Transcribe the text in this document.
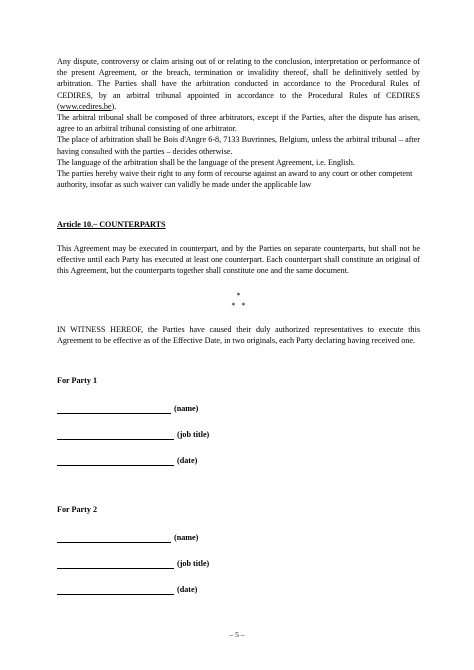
Any dispute, controversy or claim arising out of or relating to the conclusion, interpretation or performance of the present Agreement, or the breach, termination or invalidity thereof, shall be definitively settled by arbitration. The Parties shall have the arbitration conducted in accordance to the Procedural Rules of CEDIRES, by an arbitral tribunal appointed in accordance to the Procedural Rules of CEDIRES (www.cedires.be).

The arbitral tribunal shall be composed of three arbitrators, except if the Parties, after the dispute has arisen, agree to an arbitral tribunal consisting of one arbitrator.

The place of arbitration shall be Bois d'Angre 6-8, 7133 Buvrinnes, Belgium, unless the arbitral tribunal – after having consulted with the parties – decides otherwise.

The language of the arbitration shall be the language of the present Agreement, i.e. English.

The parties hereby waive their right to any form of recourse against an award to any court or other competent authority, insofar as such waiver can validly be made under the applicable law

Article 10.– COUNTERPARTS

This Agreement may be executed in counterpart, and by the Parties on separate counterparts, but shall not be effective until each Party has executed at least one counterpart. Each counterpart shall constitute an original of this Agreement, but the counterparts together shall constitute one and the same document.

*
*   *

IN WITNESS HEREOF, the Parties have caused their duly authorized representatives to execute this Agreement to be effective as of the Effective Date, in two originals, each Party declaring having received one.

For Party 1
(name)
(job title)
(date)
For Party 2
(name)
(job title)
(date)
– 5 –
